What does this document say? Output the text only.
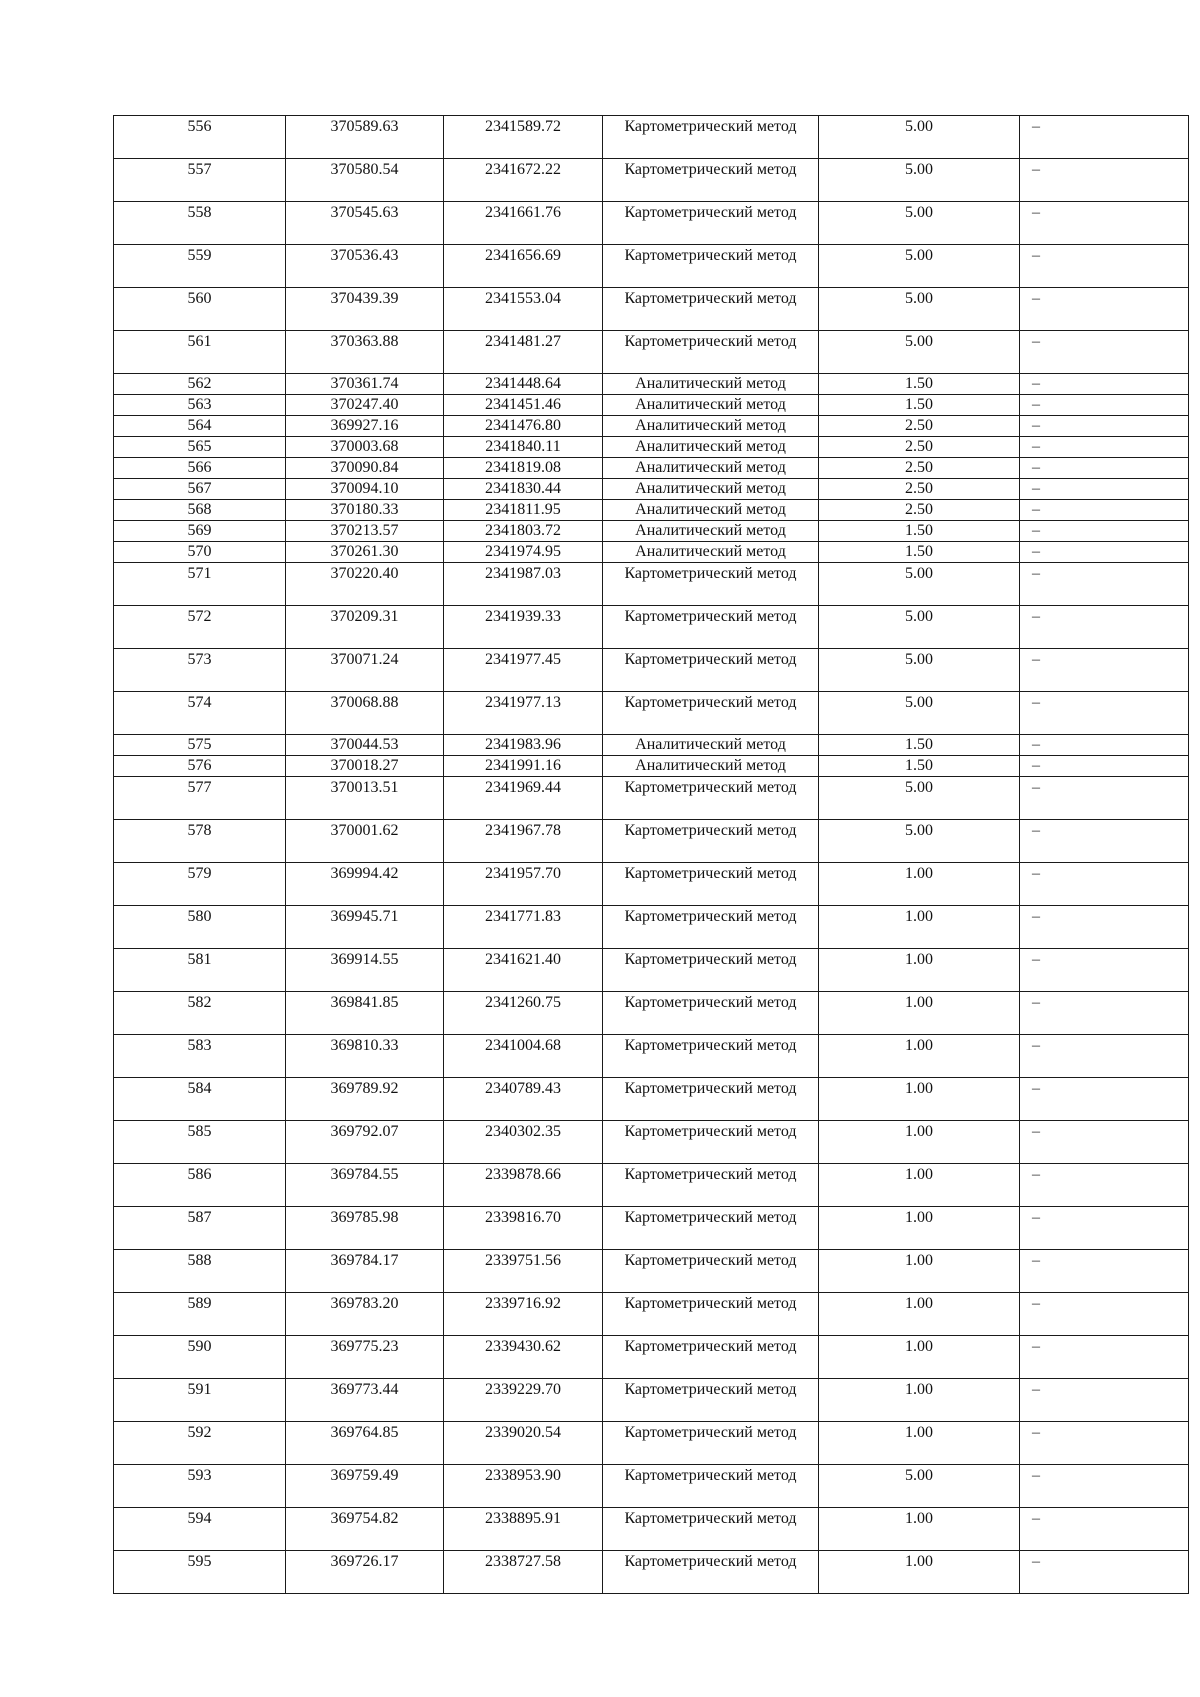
556	370589.63	2341589.72	Картометрический метод	5.00	–
557	370580.54	2341672.22	Картометрический метод	5.00	–
558	370545.63	2341661.76	Картометрический метод	5.00	–
559	370536.43	2341656.69	Картометрический метод	5.00	–
560	370439.39	2341553.04	Картометрический метод	5.00	–
561	370363.88	2341481.27	Картометрический метод	5.00	–
562	370361.74	2341448.64	Аналитический метод	1.50	–
563	370247.40	2341451.46	Аналитический метод	1.50	–
564	369927.16	2341476.80	Аналитический метод	2.50	–
565	370003.68	2341840.11	Аналитический метод	2.50	–
566	370090.84	2341819.08	Аналитический метод	2.50	–
567	370094.10	2341830.44	Аналитический метод	2.50	–
568	370180.33	2341811.95	Аналитический метод	2.50	–
569	370213.57	2341803.72	Аналитический метод	1.50	–
570	370261.30	2341974.95	Аналитический метод	1.50	–
571	370220.40	2341987.03	Картометрический метод	5.00	–
572	370209.31	2341939.33	Картометрический метод	5.00	–
573	370071.24	2341977.45	Картометрический метод	5.00	–
574	370068.88	2341977.13	Картометрический метод	5.00	–
575	370044.53	2341983.96	Аналитический метод	1.50	–
576	370018.27	2341991.16	Аналитический метод	1.50	–
577	370013.51	2341969.44	Картометрический метод	5.00	–
578	370001.62	2341967.78	Картометрический метод	5.00	–
579	369994.42	2341957.70	Картометрический метод	1.00	–
580	369945.71	2341771.83	Картометрический метод	1.00	–
581	369914.55	2341621.40	Картометрический метод	1.00	–
582	369841.85	2341260.75	Картометрический метод	1.00	–
583	369810.33	2341004.68	Картометрический метод	1.00	–
584	369789.92	2340789.43	Картометрический метод	1.00	–
585	369792.07	2340302.35	Картометрический метод	1.00	–
586	369784.55	2339878.66	Картометрический метод	1.00	–
587	369785.98	2339816.70	Картометрический метод	1.00	–
588	369784.17	2339751.56	Картометрический метод	1.00	–
589	369783.20	2339716.92	Картометрический метод	1.00	–
590	369775.23	2339430.62	Картометрический метод	1.00	–
591	369773.44	2339229.70	Картометрический метод	1.00	–
592	369764.85	2339020.54	Картометрический метод	1.00	–
593	369759.49	2338953.90	Картометрический метод	5.00	–
594	369754.82	2338895.91	Картометрический метод	1.00	–
595	369726.17	2338727.58	Картометрический метод	1.00	–
